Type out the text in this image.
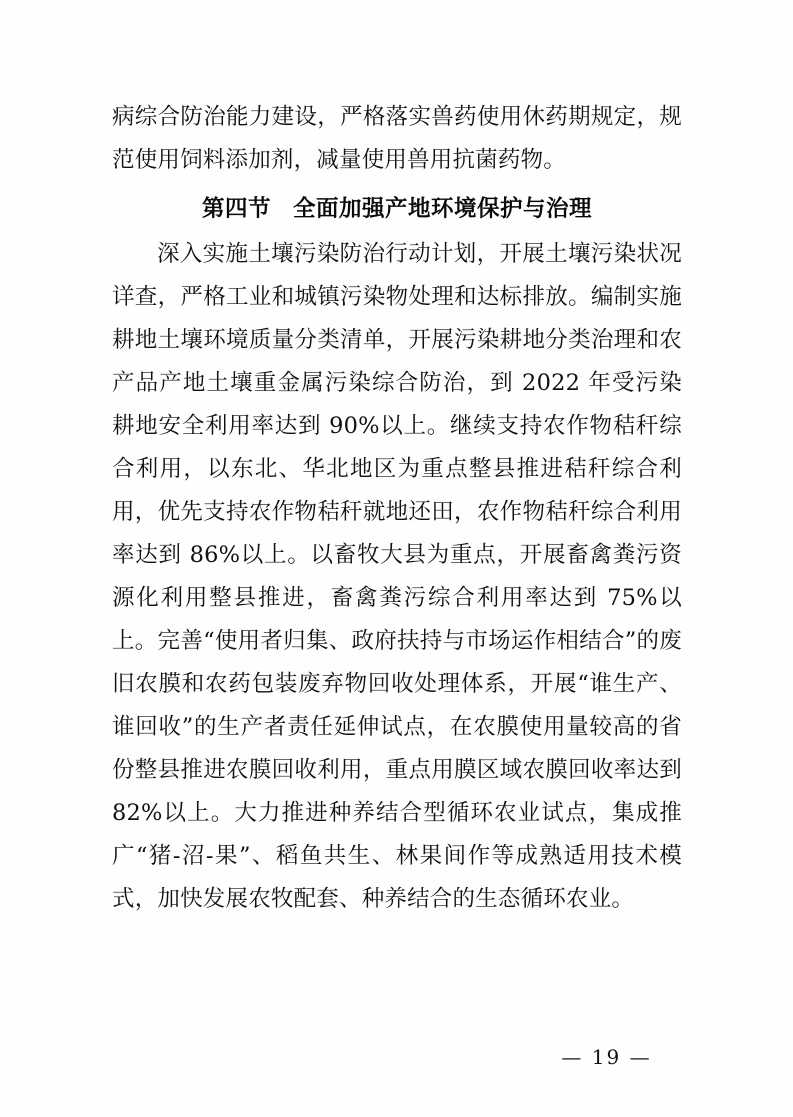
病综合防治能力建设，严格落实兽药使用休药期规定，规范使用饲料添加剂，减量使用兽用抗菌药物。

第四节 全面加强产地环境保护与治理

深入实施土壤污染防治行动计划，开展土壤污染状况详查，严格工业和城镇污染物处理和达标排放。编制实施耕地土壤环境质量分类清单，开展污染耕地分类治理和农产品产地土壤重金属污染综合防治，到 2022 年受污染耕地安全利用率达到 90%以上。继续支持农作物秸秆综合利用，以东北、华北地区为重点整县推进秸秆综合利用，优先支持农作物秸秆就地还田，农作物秸秆综合利用率达到 86%以上。以畜牧大县为重点，开展畜禽粪污资源化利用整县推进，畜禽粪污综合利用率达到 75%以上。完善“使用者归集、政府扶持与市场运作相结合”的废旧农膜和农药包装废弃物回收处理体系，开展“谁生产、谁回收”的生产者责任延伸试点，在农膜使用量较高的省份整县推进农膜回收利用，重点用膜区域农膜回收率达到 82%以上。大力推进种养结合型循环农业试点，集成推广“猪-沼-果”、稻鱼共生、林果间作等成熟适用技术模式，加快发展农牧配套、种养结合的生态循环农业。

— 19 —
